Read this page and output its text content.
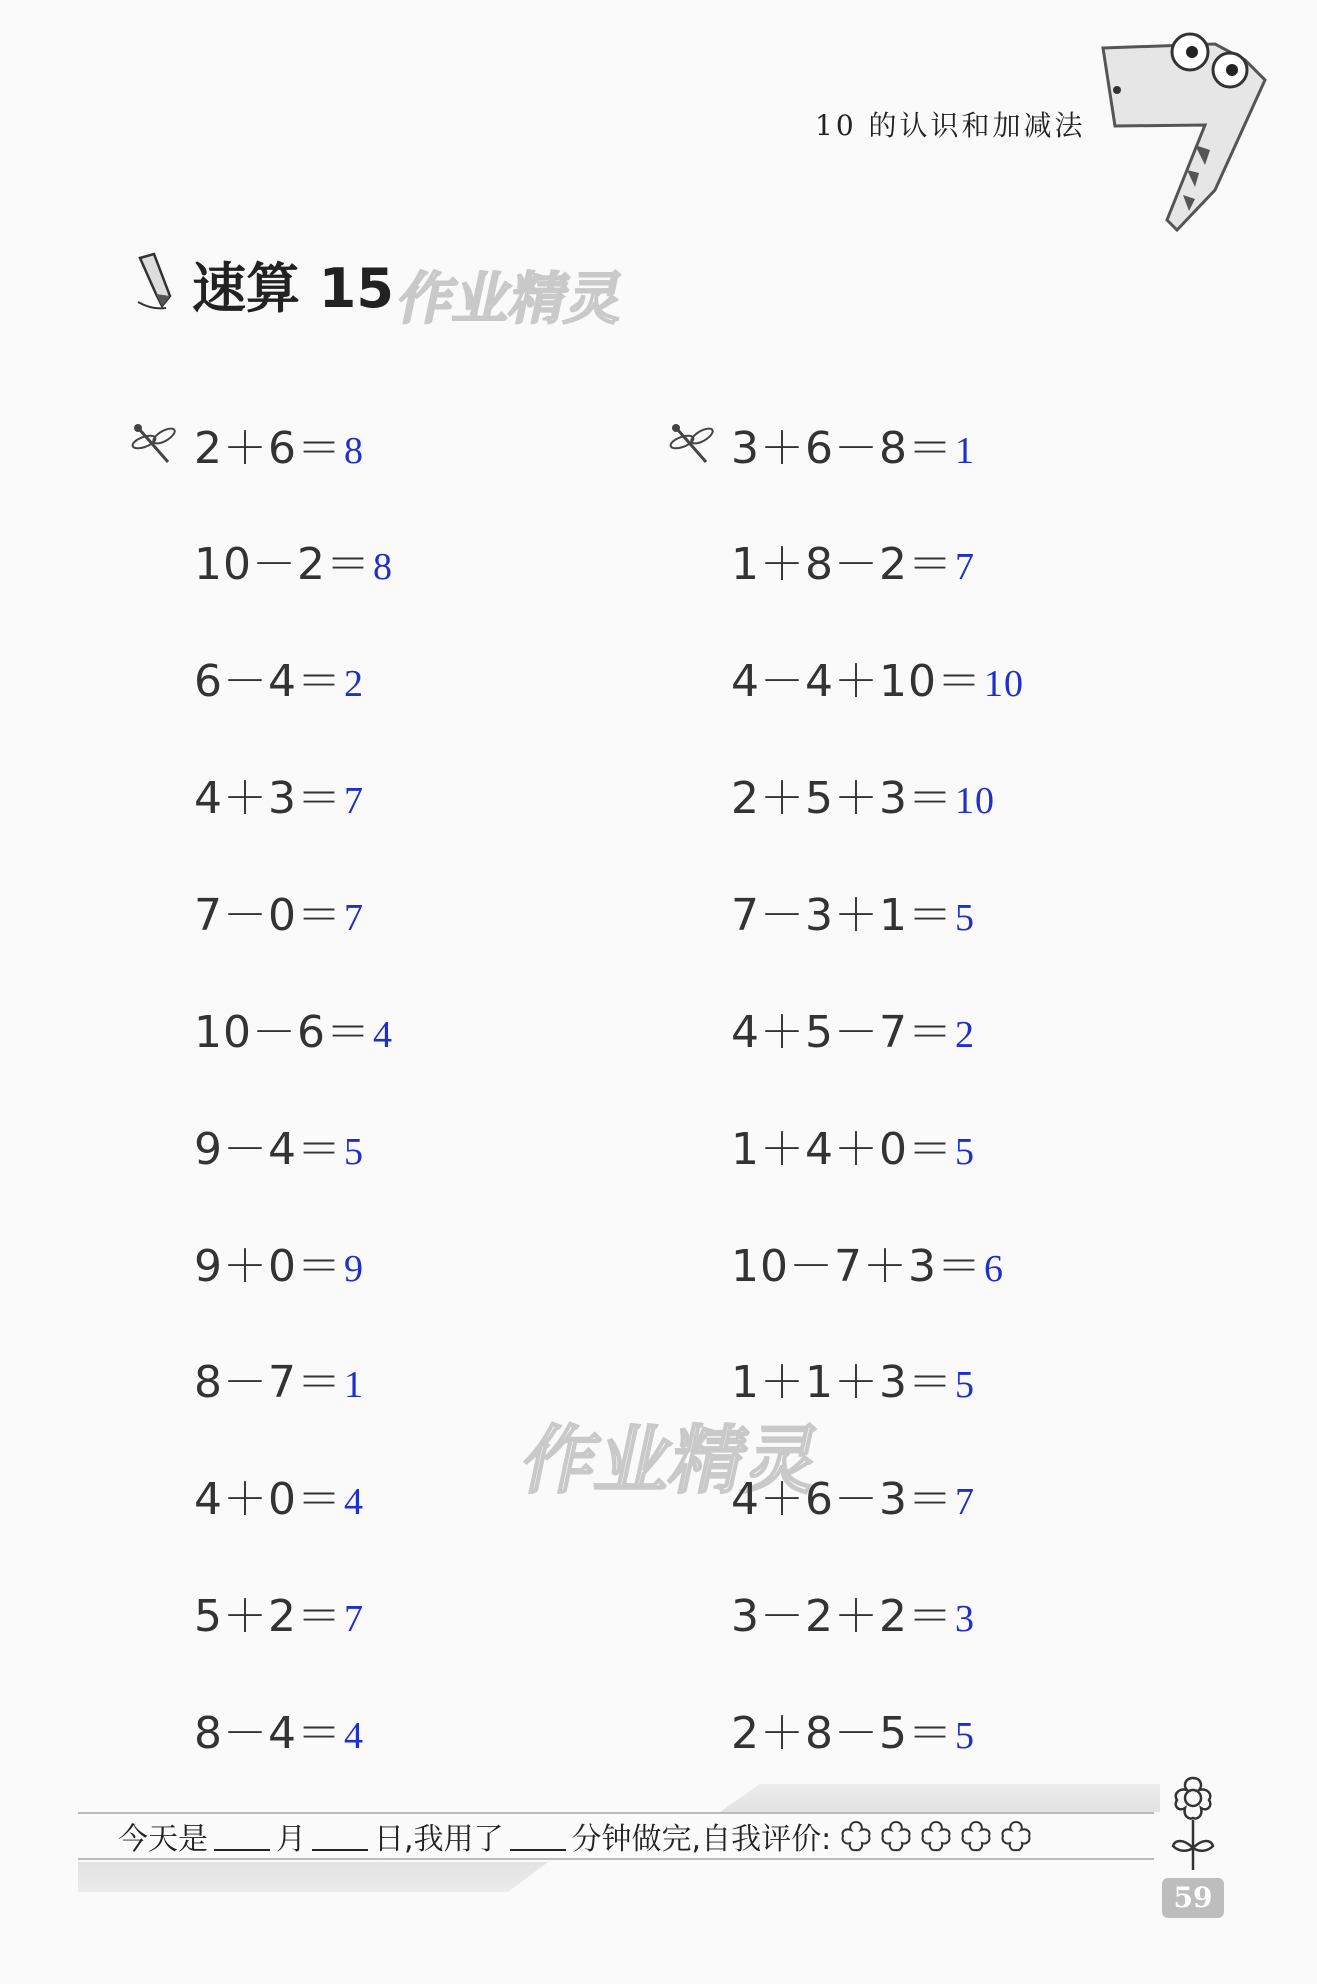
10 的认识和加减法
速算 15
作业精灵
作业精灵
2＋6＝8
10－2＝8
6－4＝2
4＋3＝7
7－0＝7
10－6＝4
9－4＝5
9＋0＝9
8－7＝1
4＋0＝4
5＋2＝7
8－4＝4
3＋6－8＝1
1＋8－2＝7
4－4＋10＝10
2＋5＋3＝10
7－3＋1＝5
4＋5－7＝2
1＋4＋0＝5
10－7＋3＝6
1＋1＋3＝5
4＋6－3＝7
3－2＋2＝3
2＋8－5＝5
今天是 月 日,我用了 分钟做完,自我评价:
59
